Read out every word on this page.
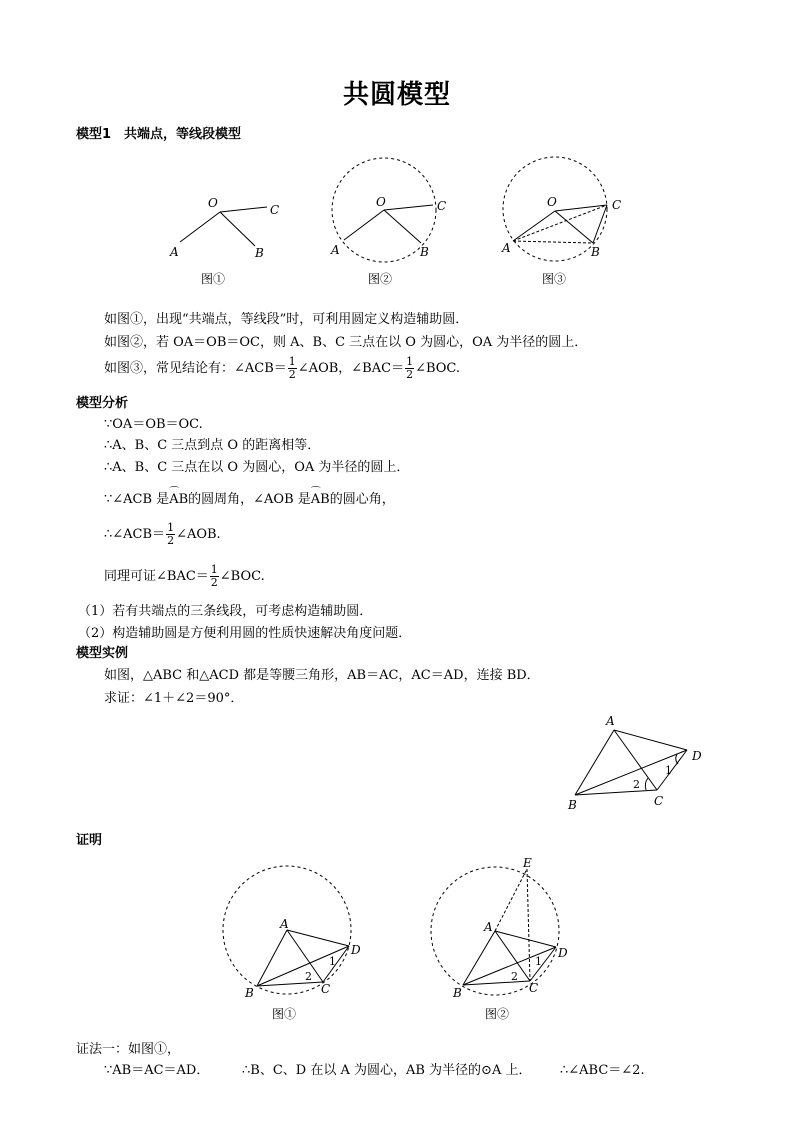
共圆模型
模型1　共端点，等线段模型
O
A	B
C
图①
O
A	B
C
图②
O
A	B
C
图③
如图①，出现“共端点，等线段”时，可利用圆定义构造辅助圆．
如图②，若 OA＝OB＝OC，则 A、B、C 三点在以 O 为圆心，OA 为半径的圆上．
如图③，常见结论有：∠ACB＝ $\frac{1}{2}$ ∠AOB，∠BAC＝ $\frac{1}{2}$ ∠BOC.
模型分析
∵OA＝OB＝OC.
∴A、B、C 三点到点 O 的距离相等．
∴A、B、C 三点在以 O 为圆心，OA 为半径的圆上．
∵∠ACB 是⌒ AB的圆周角，∠AOB 是⌒ AB的圆心角，
∴∠ACB＝ $\frac{1}{2}$ ∠AOB.
同理可证∠BAC＝ $\frac{1}{2}$ ∠BOC.
（1）若有共端点的三条线段，可考虑构造辅助圆．
（2）构造辅助圆是方便利用圆的性质快速解决角度问题．
模型实例
如图，△ABC 和△ACD 都是等腰三角形，AB＝AC，AC＝AD，连接 BD．
求证：∠1＋∠2＝90°．
A
B	C
D
1
2
证明
A
B	C
D
1
2
图①
E
A
B	C
D
1
2
图②
证法一：如图①，
∵AB＝AC＝AD．	∴B、C、D 在以 A 为圆心，AB 为半径的⊙A 上． ∴∠ABC＝∠2.
